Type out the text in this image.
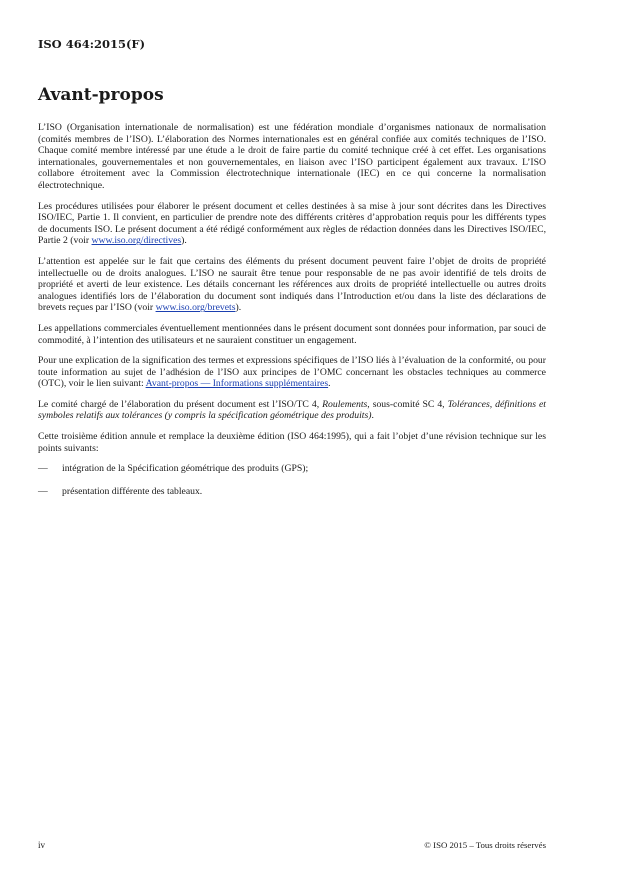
ISO 464:2015(F)
Avant-propos

L’ISO (Organisation internationale de normalisation) est une fédération mondiale d’organismes nationaux de normalisation (comités membres de l’ISO). L’élaboration des Normes internationales est en général confiée aux comités techniques de l’ISO. Chaque comité membre intéressé par une étude a le droit de faire partie du comité technique créé à cet effet. Les organisations internationales, gouvernementales et non gouvernementales, en liaison avec l’ISO participent également aux travaux. L’ISO collabore étroitement avec la Commission électrotechnique internationale (IEC) en ce qui concerne la normalisation électrotechnique.

Les procédures utilisées pour élaborer le présent document et celles destinées à sa mise à jour sont décrites dans les Directives ISO/IEC, Partie 1. Il convient, en particulier de prendre note des différents critères d’approbation requis pour les différents types de documents ISO. Le présent document a été rédigé conformément aux règles de rédaction données dans les Directives ISO/IEC, Partie 2 (voir www.iso.org/directives).

L’attention est appelée sur le fait que certains des éléments du présent document peuvent faire l’objet de droits de propriété intellectuelle ou de droits analogues. L’ISO ne saurait être tenue pour responsable de ne pas avoir identifié de tels droits de propriété et averti de leur existence. Les détails concernant les références aux droits de propriété intellectuelle ou autres droits analogues identifiés lors de l’élaboration du document sont indiqués dans l’Introduction et/ou dans la liste des déclarations de brevets reçues par l’ISO (voir www.iso.org/brevets).

Les appellations commerciales éventuellement mentionnées dans le présent document sont données pour information, par souci de commodité, à l’intention des utilisateurs et ne sauraient constituer un engagement.

Pour une explication de la signification des termes et expressions spécifiques de l’ISO liés à l’évaluation de la conformité, ou pour toute information au sujet de l’adhésion de l’ISO aux principes de l’OMC concernant les obstacles techniques au commerce (OTC), voir le lien suivant: Avant-propos — Informations supplémentaires.

Le comité chargé de l’élaboration du présent document est l’ISO/TC 4, Roulements, sous-comité SC 4, Tolérances, définitions et symboles relatifs aux tolérances (y compris la spécification géométrique des produits).

Cette troisième édition annule et remplace la deuxième édition (ISO 464:1995), qui a fait l’objet d’une révision technique sur les points suivants:

—	intégration de la Spécification géométrique des produits (GPS);
—	présentation différente des tableaux.
iv	© ISO 2015 – Tous droits réservés
